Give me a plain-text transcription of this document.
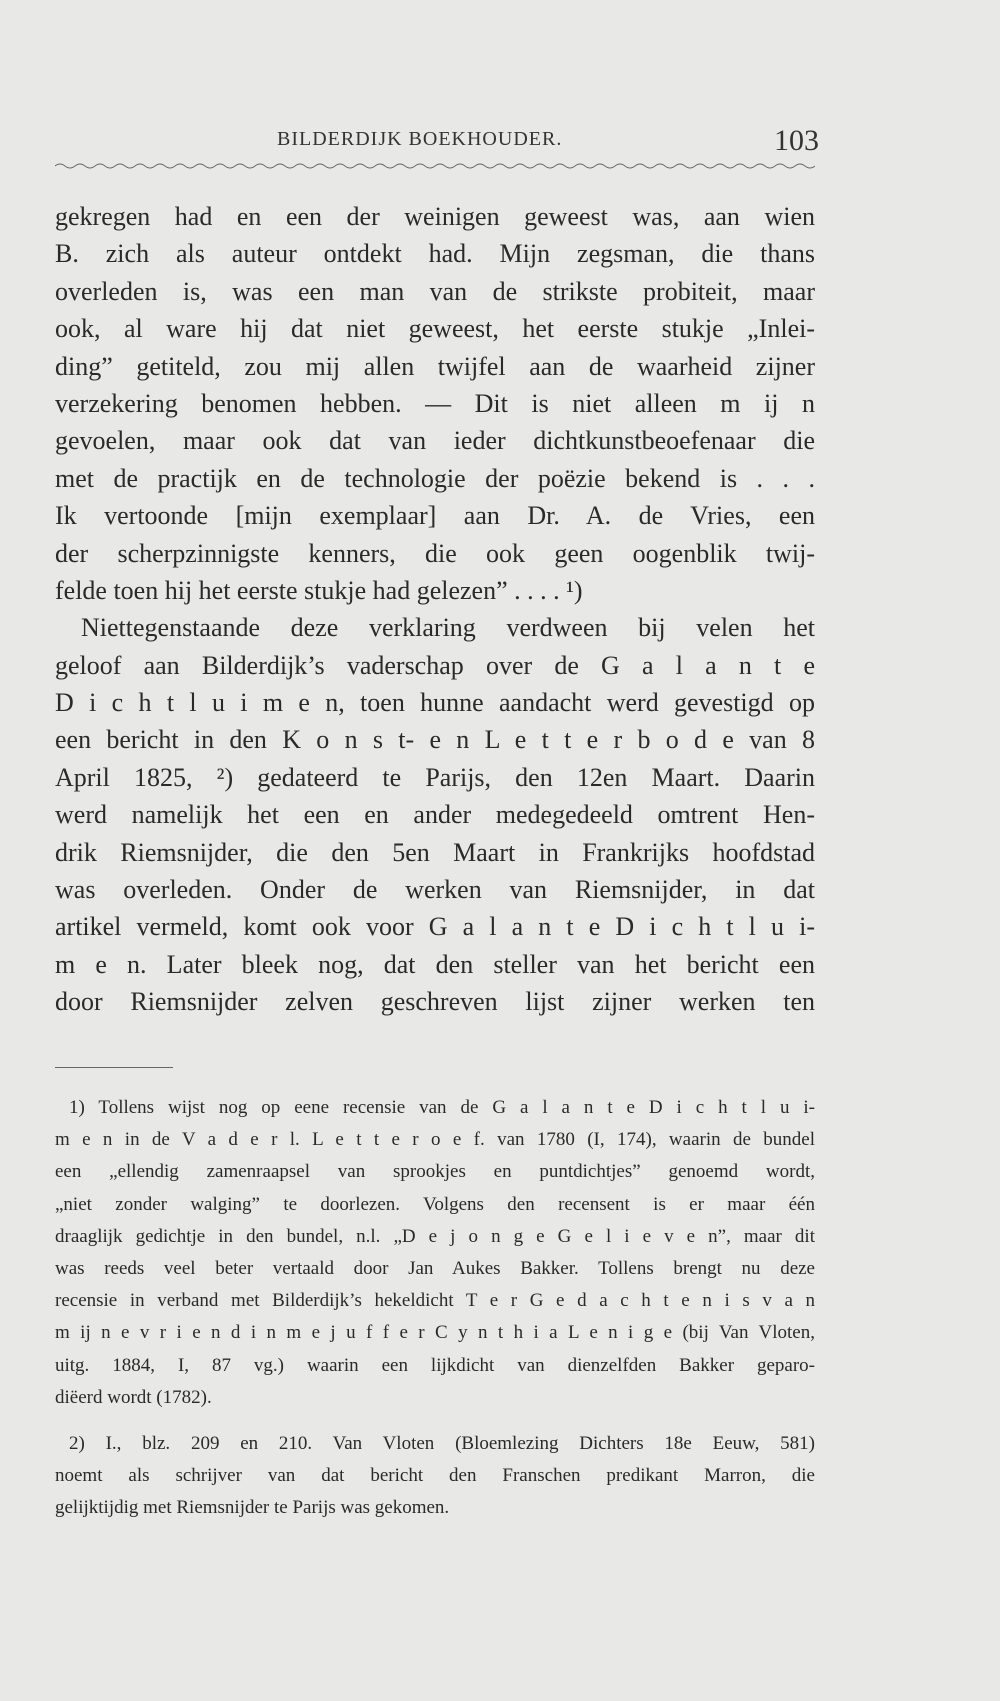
BILDERDIJK BOEKHOUDER.	103
gekregen had en een der weinigen geweest was, aan wien
B. zich als auteur ontdekt had. Mijn zegsman, die thans
overleden is, was een man van de strikste probiteit, maar
ook, al ware hij dat niet geweest, het eerste stukje „Inlei-
ding” getiteld, zou mij allen twijfel aan de waarheid zijner
verzekering benomen hebben. — Dit is niet alleen m ij n
gevoelen, maar ook dat van ieder dichtkunstbeoefenaar die
met de practijk en de technologie der poëzie bekend is . . .
Ik vertoonde [mijn exemplaar] aan Dr. A. de Vries, een
der scherpzinnigste kenners, die ook geen oogenblik twij-
felde toen hij het eerste stukje had gelezen” . . . . ¹)
Niettegenstaande deze verklaring verdween bij velen het
geloof aan Bilderdijk’s vaderschap over de G a l a n t e
D i c h t l u i m e n, toen hunne aandacht werd gevestigd op
een bericht in den K o n s t- e n L e t t e r b o d e van 8
April 1825, ²) gedateerd te Parijs, den 12en Maart. Daarin
werd namelijk het een en ander medegedeeld omtrent Hen-
drik Riemsnijder, die den 5en Maart in Frankrijks hoofdstad
was overleden. Onder de werken van Riemsnijder, in dat
artikel vermeld, komt ook voor G a l a n t e D i c h t l u i-
m e n. Later bleek nog, dat den steller van het bericht een
door Riemsnijder zelven geschreven lijst zijner werken ten
1) Tollens wijst nog op eene recensie van de G a l a n t e D i c h t l u i-
m e n in de V a d e r l. L e t t e r o e f. van 1780 (I, 174), waarin de bundel
een „ellendig zamenraapsel van sprookjes en puntdichtjes” genoemd wordt,
„niet zonder walging” te doorlezen. Volgens den recensent is er maar één
draaglijk gedichtje in den bundel, n.l. „D e j o n g e G e l i e v e n”, maar dit
was reeds veel beter vertaald door Jan Aukes Bakker. Tollens brengt nu deze
recensie in verband met Bilderdijk’s hekeldicht T e r G e d a c h t e n i s v a n
m ij n e v r i e n d i n m e j u f f e r C y n t h i a L e n i g e (bij Van Vloten,
uitg. 1884, I, 87 vg.) waarin een lijkdicht van dienzelfden Bakker geparo-
diëerd wordt (1782).
2) I., blz. 209 en 210. Van Vloten (Bloemlezing Dichters 18e Eeuw, 581)
noemt als schrijver van dat bericht den Franschen predikant Marron, die
gelijktijdig met Riemsnijder te Parijs was gekomen.
